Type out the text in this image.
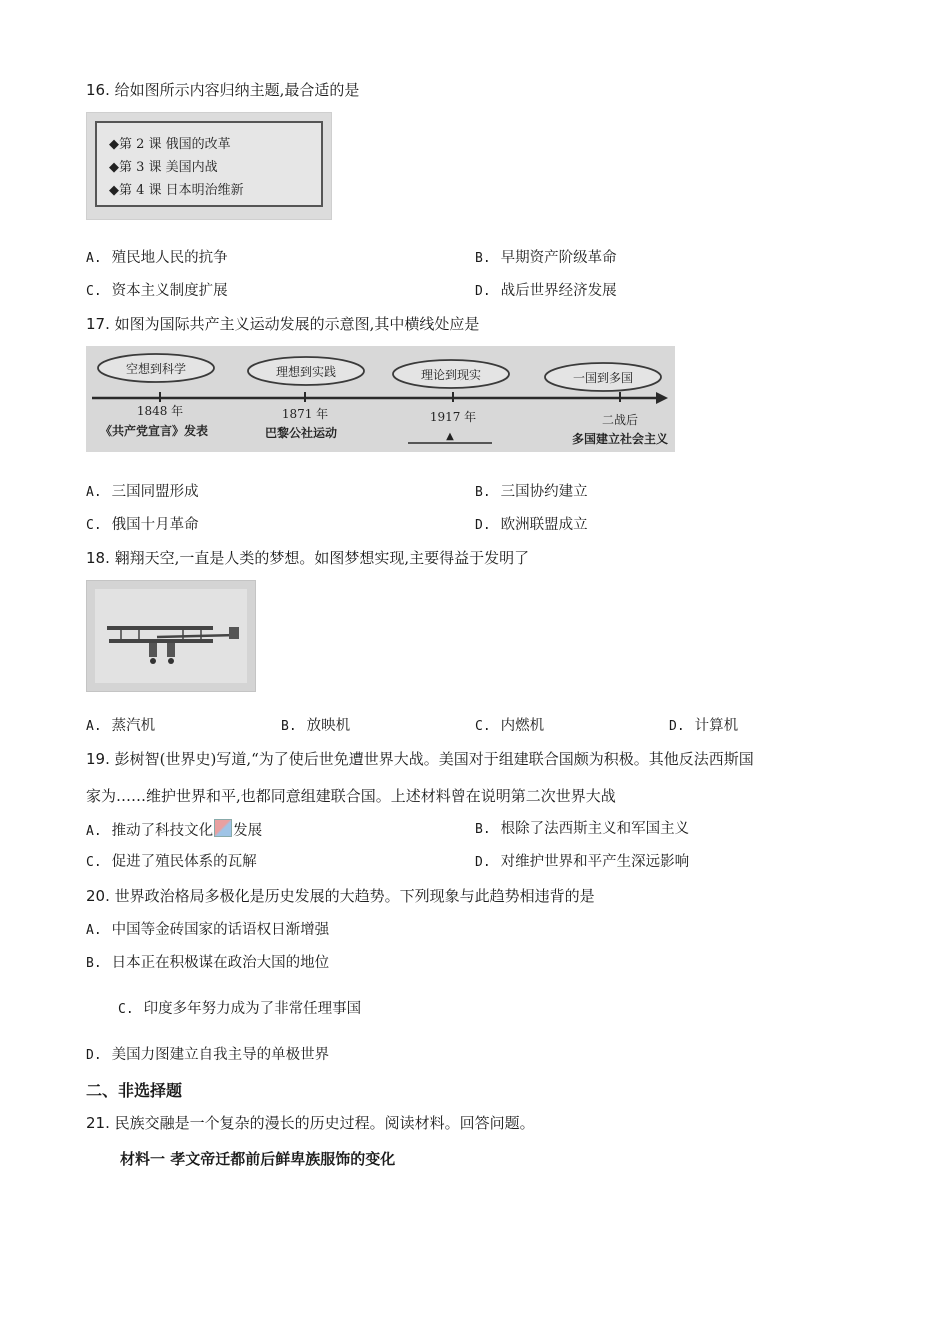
16. 给如图所示内容归纳主题,最合适的是
◆第 2 课 俄国的改革
◆第 3 课 美国内战
◆第 4 课 日本明治维新
A. 殖民地人民的抗争	B. 早期资产阶级革命
C. 资本主义制度扩展	D. 战后世界经济发展
17. 如图为国际共产主义运动发展的示意图,其中横线处应是
空想到科学	理想到实践	理论到现实	一国到多国
1848 年	1871 年	1917 年	二战后
《共产党宣言》发表	巴黎公社运动	▲	多国建立社会主义
A. 三国同盟形成	B. 三国协约建立
C. 俄国十月革命	D. 欧洲联盟成立
18. 翱翔天空,一直是人类的梦想。如图梦想实现,主要得益于发明了
A. 蒸汽机	B. 放映机	C. 内燃机	D. 计算机
19. 彭树智(世界史)写道,“为了使后世免遭世界大战。美国对于组建联合国颇为积极。其他反法西斯国
家为……维护世界和平,也都同意组建联合国。上述材料曾在说明第二次世界大战
A. 推动了科技文化 发展	B. 根除了法西斯主义和军国主义
C. 促进了殖民体系的瓦解	D. 对维护世界和平产生深远影响
20. 世界政治格局多极化是历史发展的大趋势。下列现象与此趋势相违背的是
A. 中国等金砖国家的话语权日渐增强
B. 日本正在积极谋在政治大国的地位
C. 印度多年努力成为了非常任理事国
D. 美国力图建立自我主导的单极世界
二、非选择题
21. 民族交融是一个复杂的漫长的历史过程。阅读材料。回答问题。
材料一 孝文帝迁都前后鲜卑族服饰的变化
